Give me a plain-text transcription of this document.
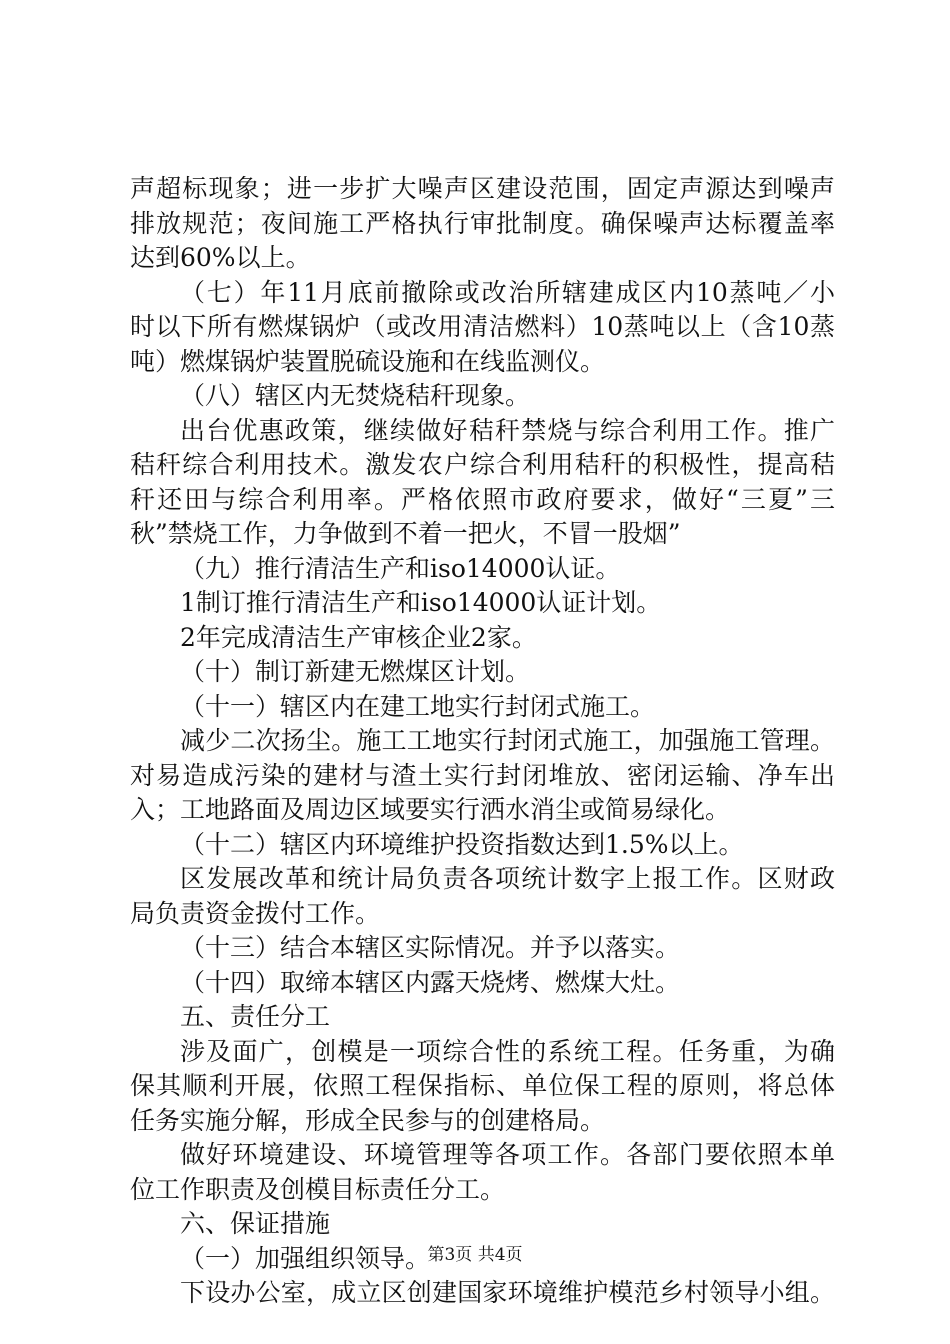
声超标现象；进一步扩大噪声区建设范围，固定声源达到噪声
排放规范；夜间施工严格执行审批制度。确保噪声达标覆盖率
达到60%以上。
（七）年11月底前撤除或改治所辖建成区内10蒸吨／小
时以下所有燃煤锅炉（或改用清洁燃料）10蒸吨以上（含10蒸
吨）燃煤锅炉装置脱硫设施和在线监测仪。
（八）辖区内无焚烧秸秆现象。
出台优惠政策，继续做好秸秆禁烧与综合利用工作。推广
秸秆综合利用技术。激发农户综合利用秸秆的积极性，提高秸
秆还田与综合利用率。严格依照市政府要求，做好“三夏”三
秋”禁烧工作，力争做到不着一把火，不冒一股烟”
（九）推行清洁生产和iso14000认证。
1制订推行清洁生产和iso14000认证计划。
2年完成清洁生产审核企业2家。
（十）制订新建无燃煤区计划。
（十一）辖区内在建工地实行封闭式施工。
减少二次扬尘。施工工地实行封闭式施工，加强施工管理。
对易造成污染的建材与渣土实行封闭堆放、密闭运输、净车出
入；工地路面及周边区域要实行洒水消尘或简易绿化。
（十二）辖区内环境维护投资指数达到1.5%以上。
区发展改革和统计局负责各项统计数字上报工作。区财政
局负责资金拨付工作。
（十三）结合本辖区实际情况。并予以落实。
（十四）取缔本辖区内露天烧烤、燃煤大灶。
五、责任分工
涉及面广，创模是一项综合性的系统工程。任务重，为确
保其顺利开展，依照工程保指标、单位保工程的原则，将总体
任务实施分解，形成全民参与的创建格局。
做好环境建设、环境管理等各项工作。各部门要依照本单
位工作职责及创模目标责任分工。
六、保证措施
（一）加强组织领导。
下设办公室，成立区创建国家环境维护模范乡村领导小组。
第3页 共4页
